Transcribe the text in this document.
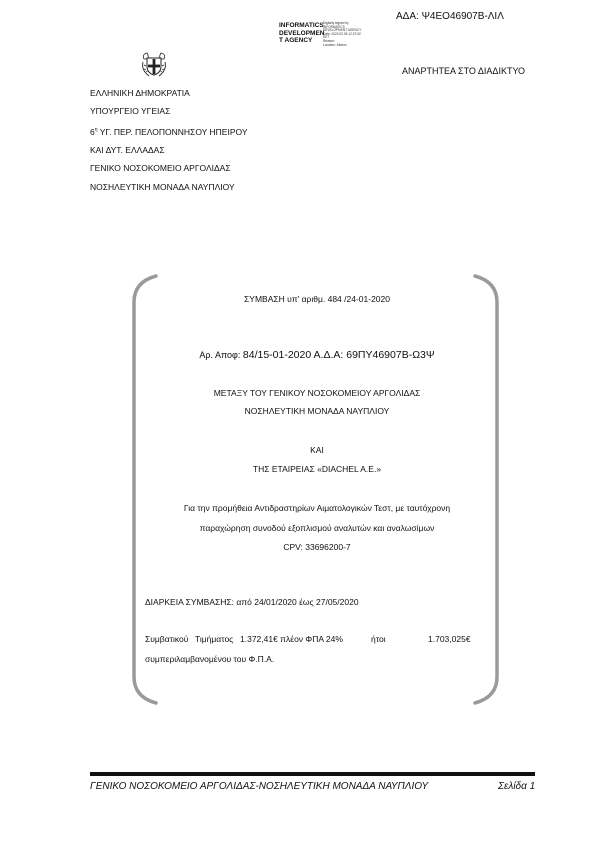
ΑΔΑ: Ψ4ΕΟ46907Β-ΛΙΛ
INFORMATICS
DEVELOPMEN
T AGENCY
Digitally signed by
INFORMATICS
DEVELOPMENT AGENCY
Date: 2020.02.05 12:27:52
EET
Reason:
Location: Athens
ΑΝΑΡΤΗΤΕΑ ΣΤΟ ΔΙΑΔΙΚΤΥΟ
ΕΛΛΗΝΙΚΗ ΔΗΜΟΚΡΑΤΙΑ
ΥΠΟΥΡΓΕΙΟ ΥΓΕΙΑΣ
$6^\eta$ ΥΓ. ΠΕΡ. ΠΕΛΟΠΟΝΝΗΣΟΥ ΗΠΕΙΡΟΥ
ΚΑΙ ΔΥΤ. ΕΛΛΑΔΑΣ
ΓΕΝΙΚΟ ΝΟΣΟΚΟΜΕΙΟ ΑΡΓΟΛΙΔΑΣ
ΝΟΣΗΛΕΥΤΙΚΗ ΜΟΝΑΔΑ ΝΑΥΠΛΙΟΥ
ΣΥΜΒΑΣΗ υπ' αριθμ. 484 /24-01-2020
Αρ. Αποφ: 84/15-01-2020 Α.Δ.Α: 69ΠΥ46907Β-Ω3Ψ
ΜΕΤΑΞΥ ΤΟΥ ΓΕΝΙΚΟΥ ΝΟΣΟΚΟΜΕΙΟΥ ΑΡΓΟΛΙΔΑΣ
ΝΟΣΗΛΕΥΤΙΚΗ ΜΟΝΑΔΑ ΝΑΥΠΛΙΟΥ
ΚΑΙ
ΤΗΣ ΕΤΑΙΡΕΙΑΣ «DIACHEL A.E.»
Για την προμήθεια Αντιδραστηρίων Αιματολογικών Τεστ, με ταυτόχρονη
παραχώρηση συνοδού εξοπλισμού αναλυτών και αναλωσίμων
CPV: 33696200-7
ΔΙΑΡΚΕΙΑ ΣΥΜΒΑΣΗΣ: από 24/01/2020 έως 27/05/2020
Συμβατικού Τιμήματος 1.372,41€ πλέον ΦΠΑ 24%	ήτοι	1.703,025€
συμπεριλαμβανομένου του Φ.Π.Α.
ΓΕΝΙΚΟ ΝΟΣΟΚΟΜΕΙΟ ΑΡΓΟΛΙΔΑΣ-ΝΟΣΗΛΕΥΤΙΚΗ ΜΟΝΑΔΑ ΝΑΥΠΛΙΟΥ	Σελίδα 1
